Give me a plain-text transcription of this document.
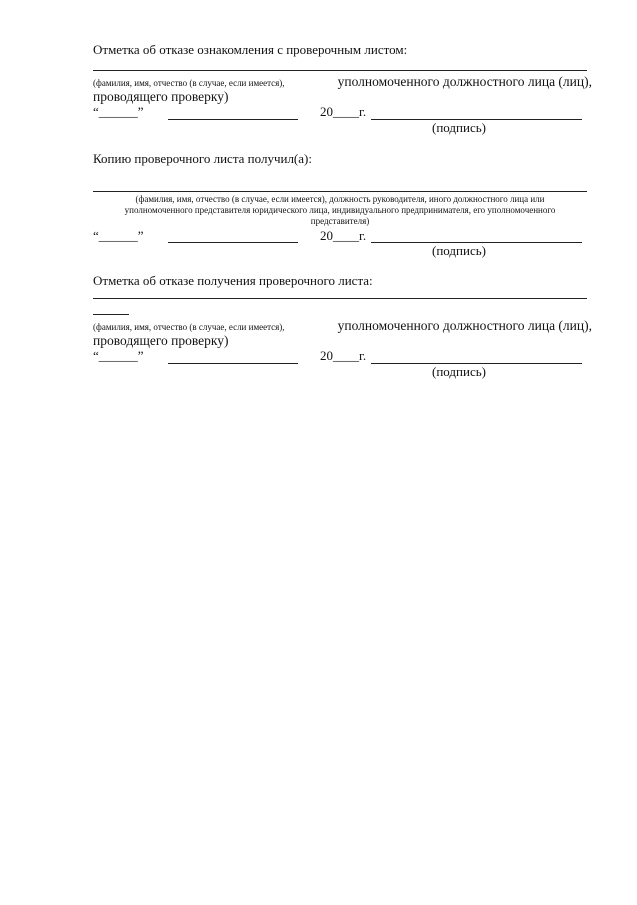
Отметка об отказе ознакомления с проверочным листом:
(фамилия, имя, отчество (в случае, если имеется),	уполномоченного должностного лица (лиц),
проводящего проверку)
“______”	20____г.
(подпись)
Копию проверочного листа получил(а):
(фамилия, имя, отчество (в случае, если имеется), должность руководителя, иного должностного лица или
уполномоченного представителя юридического лица, индивидуального предпринимателя, его уполномоченного
представителя)
“______”	20____г.
(подпись)
Отметка об отказе получения проверочного листа:
(фамилия, имя, отчество (в случае, если имеется),	уполномоченного должностного лица (лиц),
проводящего проверку)
“______”	20____г.
(подпись)
